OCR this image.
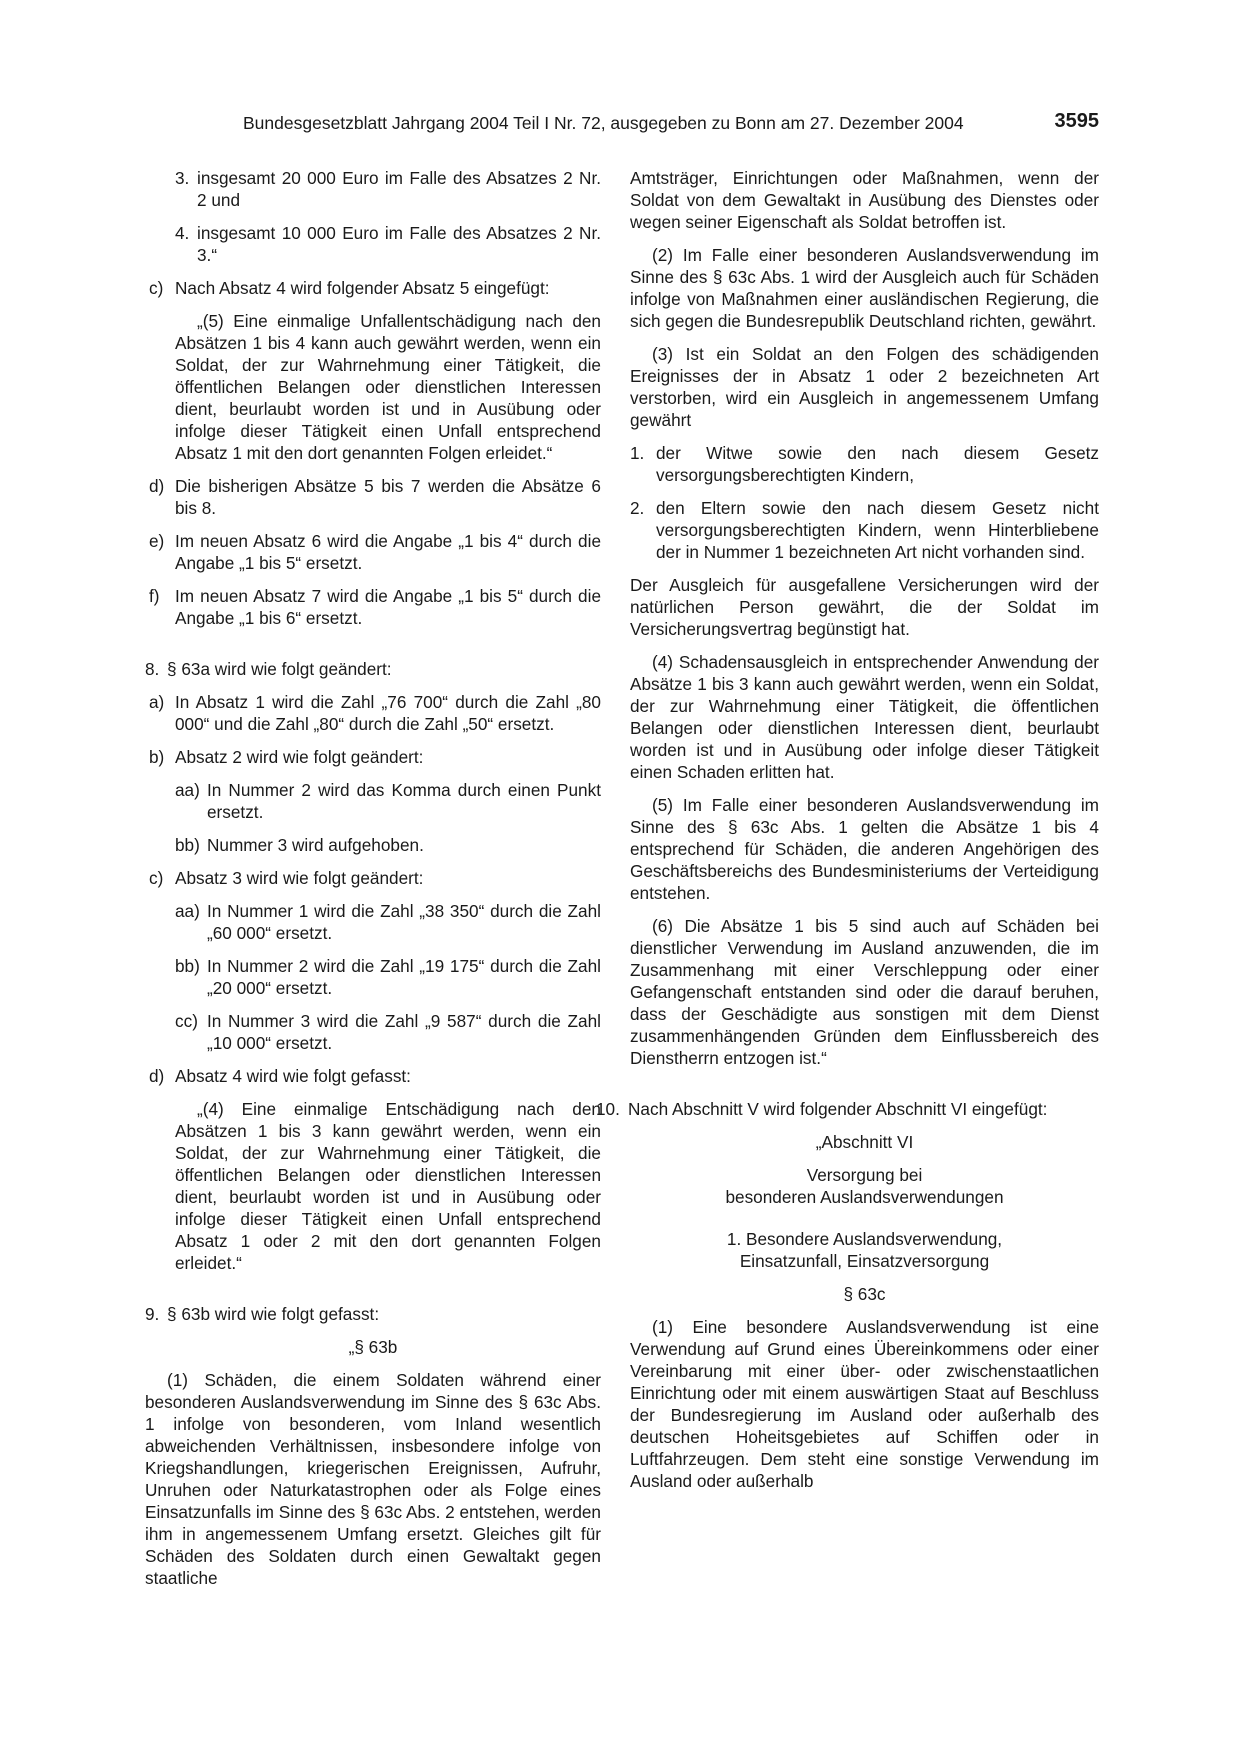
Bundesgesetzblatt Jahrgang 2004 Teil I Nr. 72, ausgegeben zu Bonn am 27. Dezember 2004	3595
3. insgesamt 20 000 Euro im Falle des Absatzes 2 Nr. 2 und
4. insgesamt 10 000 Euro im Falle des Absatzes 2 Nr. 3.“
c) Nach Absatz 4 wird folgender Absatz 5 eingefügt:

„(5) Eine einmalige Unfallentschädigung nach den Absätzen 1 bis 4 kann auch gewährt werden, wenn ein Soldat, der zur Wahrnehmung einer Tätigkeit, die öffentlichen Belangen oder dienstlichen Interessen dient, beurlaubt worden ist und in Ausübung oder infolge dieser Tätigkeit einen Unfall entsprechend Absatz 1 mit den dort genannten Folgen erleidet.“

d) Die bisherigen Absätze 5 bis 7 werden die Absätze 6 bis 8.
e) Im neuen Absatz 6 wird die Angabe „1 bis 4“ durch die Angabe „1 bis 5“ ersetzt.
f) Im neuen Absatz 7 wird die Angabe „1 bis 5“ durch die Angabe „1 bis 6“ ersetzt.
8. § 63a wird wie folgt geändert:
a) In Absatz 1 wird die Zahl „76 700“ durch die Zahl „80 000“ und die Zahl „80“ durch die Zahl „50“ ersetzt.
b) Absatz 2 wird wie folgt geändert:
aa) In Nummer 2 wird das Komma durch einen Punkt ersetzt.
bb) Nummer 3 wird aufgehoben.
c) Absatz 3 wird wie folgt geändert:
aa) In Nummer 1 wird die Zahl „38 350“ durch die Zahl „60 000“ ersetzt.
bb) In Nummer 2 wird die Zahl „19 175“ durch die Zahl „20 000“ ersetzt.
cc) In Nummer 3 wird die Zahl „9 587“ durch die Zahl „10 000“ ersetzt.
d) Absatz 4 wird wie folgt gefasst:

„(4) Eine einmalige Entschädigung nach den Absätzen 1 bis 3 kann gewährt werden, wenn ein Soldat, der zur Wahrnehmung einer Tätigkeit, die öffentlichen Belangen oder dienstlichen Interessen dient, beurlaubt worden ist und in Ausübung oder infolge dieser Tätigkeit einen Unfall entsprechend Absatz 1 oder 2 mit den dort genannten Folgen erleidet.“

9. § 63b wird wie folgt gefasst:

„§ 63b

(1) Schäden, die einem Soldaten während einer besonderen Auslandsverwendung im Sinne des § 63c Abs. 1 infolge von besonderen, vom Inland wesentlich abweichenden Verhältnissen, insbesondere infolge von Kriegshandlungen, kriegerischen Ereignissen, Aufruhr, Unruhen oder Naturkatastrophen oder als Folge eines Einsatzunfalls im Sinne des § 63c Abs. 2 entstehen, werden ihm in angemessenem Umfang ersetzt. Gleiches gilt für Schäden des Soldaten durch einen Gewaltakt gegen staatliche

Amtsträger, Einrichtungen oder Maßnahmen, wenn der Soldat von dem Gewaltakt in Ausübung des Dienstes oder wegen seiner Eigenschaft als Soldat betroffen ist.

(2) Im Falle einer besonderen Auslandsverwendung im Sinne des § 63c Abs. 1 wird der Ausgleich auch für Schäden infolge von Maßnahmen einer ausländischen Regierung, die sich gegen die Bundesrepublik Deutschland richten, gewährt.

(3) Ist ein Soldat an den Folgen des schädigenden Ereignisses der in Absatz 1 oder 2 bezeichneten Art verstorben, wird ein Ausgleich in angemessenem Umfang gewährt

1. der Witwe sowie den nach diesem Gesetz versorgungsberechtigten Kindern,
2. den Eltern sowie den nach diesem Gesetz nicht versorgungsberechtigten Kindern, wenn Hinterbliebene der in Nummer 1 bezeichneten Art nicht vorhanden sind.

Der Ausgleich für ausgefallene Versicherungen wird der natürlichen Person gewährt, die der Soldat im Versicherungsvertrag begünstigt hat.

(4) Schadensausgleich in entsprechender Anwendung der Absätze 1 bis 3 kann auch gewährt werden, wenn ein Soldat, der zur Wahrnehmung einer Tätigkeit, die öffentlichen Belangen oder dienstlichen Interessen dient, beurlaubt worden ist und in Ausübung oder infolge dieser Tätigkeit einen Schaden erlitten hat.

(5) Im Falle einer besonderen Auslandsverwendung im Sinne des § 63c Abs. 1 gelten die Absätze 1 bis 4 entsprechend für Schäden, die anderen Angehörigen des Geschäftsbereichs des Bundesministeriums der Verteidigung entstehen.

(6) Die Absätze 1 bis 5 sind auch auf Schäden bei dienstlicher Verwendung im Ausland anzuwenden, die im Zusammenhang mit einer Verschleppung oder einer Gefangenschaft entstanden sind oder die darauf beruhen, dass der Geschädigte aus sonstigen mit dem Dienst zusammenhängenden Gründen dem Einflussbereich des Dienstherrn entzogen ist.“

10. Nach Abschnitt V wird folgender Abschnitt VI eingefügt:

„Abschnitt VI

Versorgung bei
besonderen Auslandsverwendungen

1. Besondere Auslandsverwendung,
Einsatzunfall, Einsatzversorgung

§ 63c

(1) Eine besondere Auslandsverwendung ist eine Verwendung auf Grund eines Übereinkommens oder einer Vereinbarung mit einer über- oder zwischenstaatlichen Einrichtung oder mit einem auswärtigen Staat auf Beschluss der Bundesregierung im Ausland oder außerhalb des deutschen Hoheitsgebietes auf Schiffen oder in Luftfahrzeugen. Dem steht eine sonstige Verwendung im Ausland oder außerhalb
